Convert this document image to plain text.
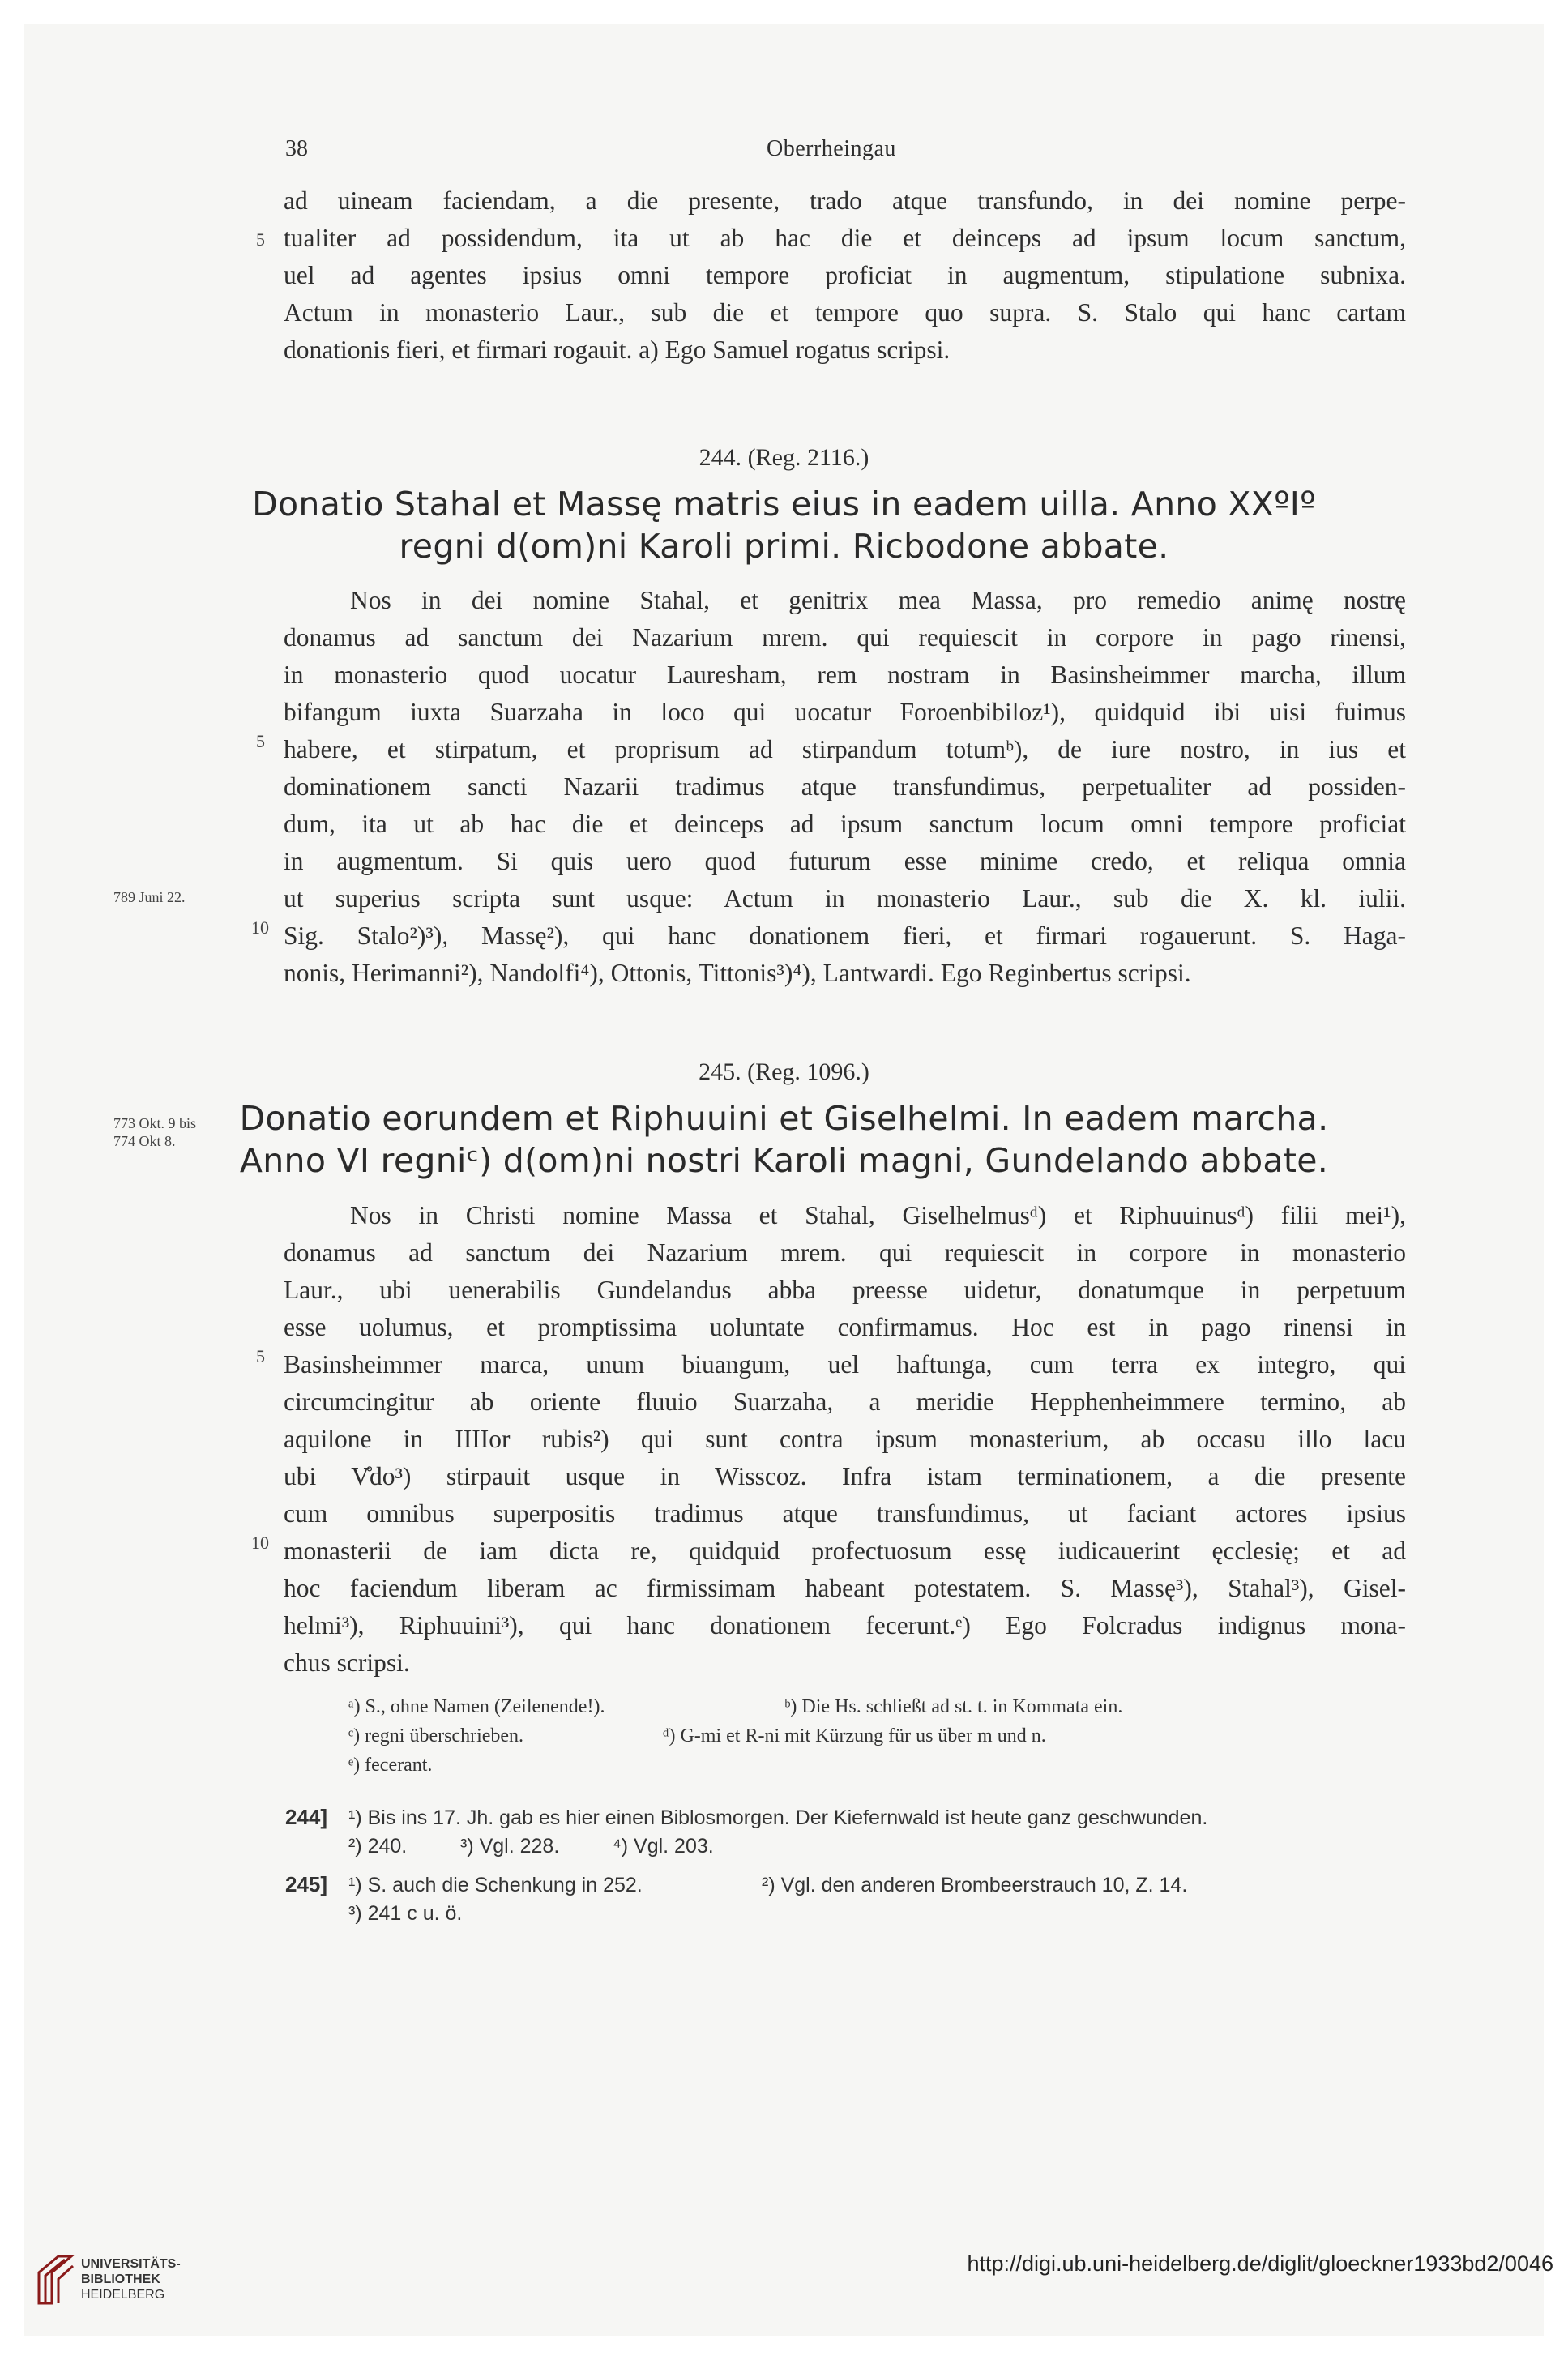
38	Oberrheingau
ad uineam faciendam, a die presente, trado atque transfundo, in dei nomine perpe-
tualiter ad possidendum, ita ut ab hac die et deinceps ad ipsum locum sanctum,
uel ad agentes ipsius omni tempore proficiat in augmentum, stipulatione subnixa.
Actum in monasterio Laur., sub die et tempore quo supra. S. Stalo qui hanc cartam
donationis fieri, et firmari rogauit. a) Ego Samuel rogatus scripsi.
5
244. (Reg. 2116.)
Donatio Stahal et Massę matris eius in eadem uilla. Anno XXºIº
regni d(om)ni Karoli primi. Ricbodone abbate.
Nos in dei nomine Stahal, et genitrix mea Massa, pro remedio animę nostrę
donamus ad sanctum dei Nazarium mrem. qui requiescit in corpore in pago rinensi,
in monasterio quod uocatur Lauresham, rem nostram in Basinsheimmer marcha, illum
bifangum iuxta Suarzaha in loco qui uocatur Foroenbibiloz¹), quidquid ibi uisi fuimus
habere, et stirpatum, et proprisum ad stirpandum totumᵇ), de iure nostro, in ius et
dominationem sancti Nazarii tradimus atque transfundimus, perpetualiter ad possiden-
dum, ita ut ab hac die et deinceps ad ipsum sanctum locum omni tempore proficiat
in augmentum. Si quis uero quod futurum esse minime credo, et reliqua omnia
ut superius scripta sunt usque: Actum in monasterio Laur., sub die X. kl. iulii.
Sig. Stalo²)³), Massę²), qui hanc donationem fieri, et firmari rogauerunt. S. Haga-
nonis, Herimanni²), Nandolfi⁴), Ottonis, Tittonis³)⁴), Lantwardi. Ego Reginbertus scripsi.
5
10
789 Juni 22.
245. (Reg. 1096.)
Donatio eorundem et Riphuuini et Giselhelmi. In eadem marcha.
Anno VI regniᶜ) d(om)ni nostri Karoli magni, Gundelando abbate.
773 Okt. 9 bis
774 Okt 8.
Nos in Christi nomine Massa et Stahal, Giselhelmusᵈ) et Riphuuinusᵈ) filii mei¹),
donamus ad sanctum dei Nazarium mrem. qui requiescit in corpore in monasterio
Laur., ubi uenerabilis Gundelandus abba preesse uidetur, donatumque in perpetuum
esse uolumus, et promptissima uoluntate confirmamus. Hoc est in pago rinensi in
Basinsheimmer marca, unum biuangum, uel haftunga, cum terra ex integro, qui
circumcingitur ab oriente fluuio Suarzaha, a meridie Hepphenheimmere termino, ab
aquilone in IIIIor rubis²) qui sunt contra ipsum monasterium, ab occasu illo lacu
ubi V̊do³) stirpauit usque in Wisscoz. Infra istam terminationem, a die presente
cum omnibus superpositis tradimus atque transfundimus, ut faciant actores ipsius
monasterii de iam dicta re, quidquid profectuosum essę iudicauerint ęcclesię; et ad
hoc faciendum liberam ac firmissimam habeant potestatem. S. Massę³), Stahal³), Gisel-
helmi³), Riphuuini³), qui hanc donationem fecerunt.ᵉ) Ego Folcradus indignus mona-
chus scripsi.
5
10
ᵃ) S., ohne Namen (Zeilenende!).	ᵇ) Die Hs. schließt ad st. t. in Kommata ein.
ᶜ) regni überschrieben.	ᵈ) G-mi et R-ni mit Kürzung für us über m und n.
ᵉ) fecerant.
244] ¹) Bis ins 17. Jh. gab es hier einen Biblosmorgen. Der Kiefernwald ist heute ganz geschwunden.
²) 240.	³) Vgl. 228.	⁴) Vgl. 203.
245] ¹) S. auch die Schenkung in 252.	²) Vgl. den anderen Brombeerstrauch 10, Z. 14.
³) 241 c u. ö.
UNIVERSITÄTS-
BIBLIOTHEK
HEIDELBERG
http://digi.ub.uni-heidelberg.de/diglit/gloeckner1933bd2/0046
